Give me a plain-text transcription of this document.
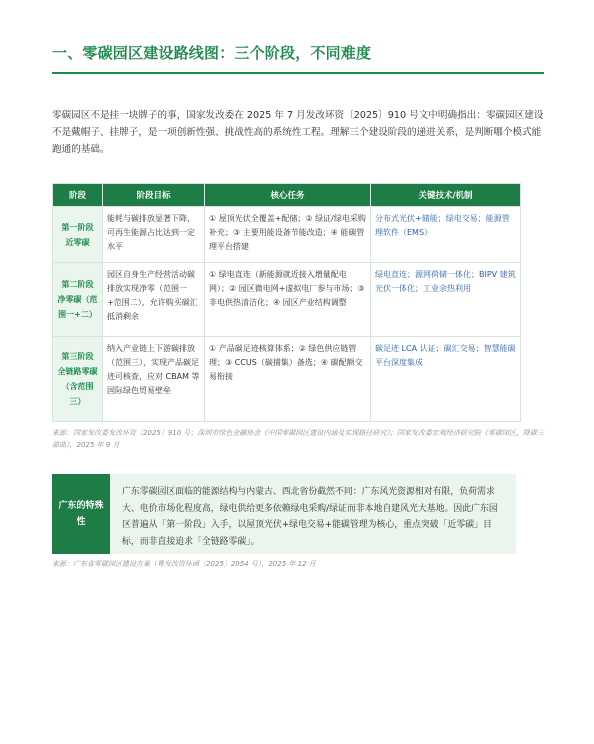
一、零碳园区建设路线图：三个阶段，不同难度

零碳园区不是挂一块牌子的事，国家发改委在 2025 年 7 月发改环资〔2025〕910 号文中明确指出：零碳园区建设不是戴帽子、挂牌子，是一项创新性强、挑战性高的系统性工程。理解三个建设阶段的递进关系，是判断哪个模式能跑通的基础。

阶段	阶段目标	核心任务	关键技术/机制
第一阶段 近零碳	能耗与碳排放显著下降，可再生能源占比达到一定水平	① 屋顶光伏全覆盖+配储；② 绿证/绿电采购补充；③ 主要用能设备节能改造；④ 能碳管理平台搭建	分布式光伏+储能；绿电交易；能源管理软件（EMS）
第二阶段 净零碳（范围一+二）	园区自身生产经营活动碳排放实现净零（范围一+范围二），允许购买碳汇抵消剩余	① 绿电直连（新能源就近接入增量配电网）；② 园区微电网+虚拟电厂参与市场；③ 非电供热清洁化；④ 园区产业结构调整	绿电直连；源网荷储一体化；BIPV 建筑光伏一体化；工业余热利用
第三阶段 全链路零碳（含范围三）	纳入产业链上下游碳排放（范围三），实现产品碳足迹可核查，应对 CBAM 等国际绿色贸易壁垒	① 产品碳足迹核算体系；② 绿色供应链管理；③ CCUS（碳捕集）备选；④ 碳配额交易衔接	碳足迹 LCA 认证；碳汇交易；智慧能碳平台深度集成

来源：国家发改委发改环资〔2025〕910 号；深圳市绿色金融协会《中国零碳园区建设内涵及实现路径研究》；国家发改委宏观经济研究院《零碳园区，降碳三部曲》，2025 年 9 月

广东的特殊性
广东零碳园区面临的能源结构与内蒙古、西北省份截然不同：广东风光资源相对有限，负荷需求大、电价市场化程度高，绿电供给更多依赖绿电采购/绿证而非本地自建风光大基地。因此广东园区普遍从「第一阶段」入手，以屋顶光伏+绿电交易+能碳管理为核心，重点突破「近零碳」目标，而非直接追求「全链路零碳」。

来源：广东省零碳园区建设方案（粤发改资环函〔2025〕2054 号），2025 年 12 月
